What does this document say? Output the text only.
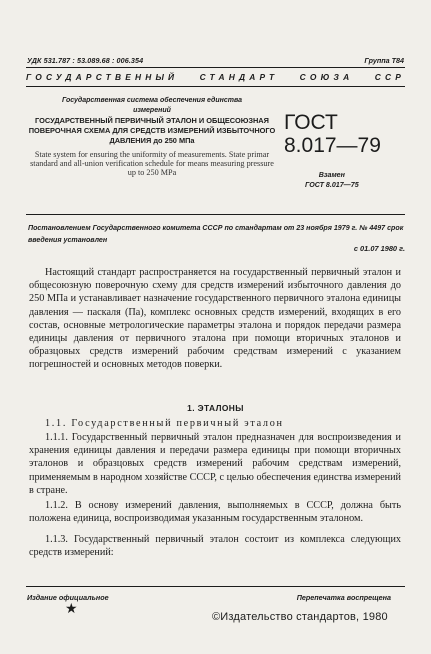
УДК 531.787 : 53.089.68 : 006.354	Группа Т84
ГОСУДАРСТВЕННЫЙ СТАНДАРТ СОЮЗА ССР
Государственная система обеспечения единства
измерений
ГОСУДАРСТВЕННЫЙ ПЕРВИЧНЫЙ ЭТАЛОН И ОБЩЕСОЮЗНАЯ ПОВЕРОЧНАЯ СХЕМА ДЛЯ СРЕДСТВ ИЗМЕРЕНИЙ ИЗБЫТОЧНОГО ДАВЛЕНИЯ до 250 МПа
State system for ensuring the uniformity of measurements. State primar standard and all-union verification schedule for means measuring pressure up to 250 MPa
ГОСТ
8.017—79
Взамен
ГОСТ 8.017—75
Постановлением Государственного комитета СССР по стандартам от 23 ноября 1979 г. № 4497 срок введения установлен
с 01.07 1980 г.
Настоящий стандарт распространяется на государственный первичный эталон и общесоюзную поверочную схему для средств измерений избыточного давления до 250 МПа и устанавливает назначение государственного первичного эталона единицы давления — паскаля (Па), комплекс основных средств измерений, входящих в его состав, основные метрологические параметры эталона и порядок передачи размера единицы давления от первичного эталона при помощи вторичных эталонов и образцовых средств измерений рабочим средствам измерений с указанием погрешностей и основных методов поверки.
1. ЭТАЛОНЫ
1.1. Государственный первичный эталон
1.1.1. Государственный первичный эталон предназначен для воспроизведения и хранения единицы давления и передачи размера единицы при помощи вторичных эталонов и образцовых средств измерений рабочим средствам измерений, применяемым в народном хозяйстве СССР, с целью обеспечения единства измерений в стране.
1.1.2. В основу измерений давления, выполняемых в СССР, должна быть положена единица, воспроизводимая указанным государственным эталоном.
1.1.3. Государственный первичный эталон состоит из комплекса следующих средств измерений:
Издание официальное	Перепечатка воспрещена
★	©Издательство стандартов, 1980
